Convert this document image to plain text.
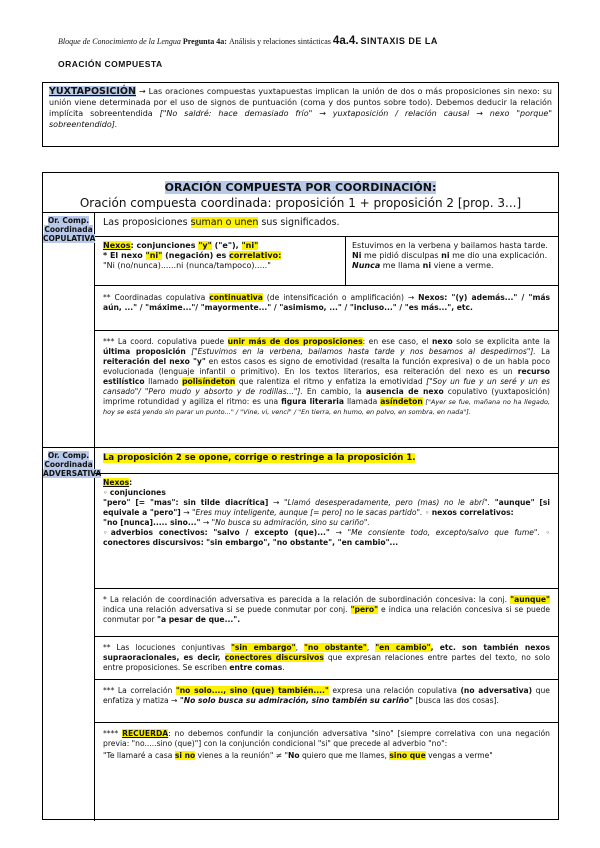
Bloque de Conocimiento de la Lengua Pregunta 4a: Análisis y relaciones sintácticas 4a.4. SINTAXIS DE LA
ORACIÓN COMPUESTA
YUXTAPOSICIÓN → Las oraciones compuestas yuxtapuestas implican la unión de dos o más proposiciones sin nexo: su unión viene determinada por el uso de signos de puntuación (coma y dos puntos sobre todo). Debemos deducir la relación implícita sobreentendida ["No saldré: hace demasiado frío" → yuxtaposición / relación causal → nexo "porque" sobreentendido].
ORACIÓN COMPUESTA POR COORDINACIÓN:
Oración compuesta coordinada: proposición 1 + proposición 2 [prop. 3...]
Or. Comp. Coordinada COPULATIVA
Las proposiciones suman o unen sus significados.
Nexos: conjunciones "y" ("e"), "ni"
* El nexo "ni" (negación) es correlativo:
"Ni (no/nunca)......ni (nunca/tampoco)....."
Estuvimos en la verbena y bailamos hasta tarde. Ni me pidió disculpas ni me dio una explicación. Nunca me llama ni viene a verme.
** Coordinadas copulativa continuativa (de intensificación o amplificación) → Nexos: "(y) además..." / "más aún, ..." / "máxime..."/ "mayormente..." / "asimismo, ..." / "incluso..." / "es más...", etc.
*** La coord. copulativa puede unir más de dos proposiciones: en ese caso, el nexo solo se explicita ante la última proposición ["Estuvimos en la verbena, bailamos hasta tarde y nos besamos al despedirnos"]. La reiteración del nexo "y" en estos casos es signo de emotividad (resalta la función expresiva) o de un habla poco evolucionada (lenguaje infantil o primitivo). En los textos literarios, esa reiteración del nexo es un recurso estilístico llamado polisíndeton que ralentiza el ritmo y enfatiza la emotividad ["Soy un fue y un seré y un es cansado"/ "Pero mudo y absorto y de rodillas..."]. En cambio, la ausencia de nexo copulativo (yuxtaposición) imprime rotundidad y agiliza el ritmo: es una figura literaria llamada asíndeton ["Ayer se fue, mañana no ha llegado, hoy se está yendo sin parar un punto..." / "Vine, vi, vencí" / "En tierra, en humo, en polvo, en sombra, en nada"].
Or. Comp. Coordinada ADVERSATIVA
La proposición 2 se opone, corrige o restringe a la proposición 1.
Nexos:
◦ conjunciones
"pero" [= "mas": sin tilde diacrítica] → "Llamó desesperadamente, pero (mas) no le abrí". "aunque" [si equivale a "pero"] → "Eres muy inteligente, aunque [= pero] no le sacas partido". ◦ nexos correlativos:
"no [nunca]..... sino..." → "No busca su admiración, sino su cariño".
◦adverbios conectivos: "salvo / excepto (que)..." → "Me consiente todo, excepto/salvo que fume". ◦ conectores discursivos: "sin embargo", "no obstante", "en cambio"...
* La relación de coordinación adversativa es parecida a la relación de subordinación concesiva: la conj. "aunque" indica una relación adversativa si se puede conmutar por conj. "pero" e indica una relación concesiva si se puede conmutar por "a pesar de que...".
** Las locuciones conjuntivas "sin embargo", "no obstante", "en cambio", etc. son también nexos supraoracionales, es decir, conectores discursivos que expresan relaciones entre partes del texto, no solo entre proposiciones. Se escriben entre comas.
*** La correlación "no solo...., sino (que) también...." expresa una relación copulativa (no adversativa) que enfatiza y matiza → "No solo busca su admiración, sino también su cariño" [busca las dos cosas].
**** RECUERDA: no debemos confundir la conjunción adversativa "sino" [siempre correlativa con una negación previa: "no.....sino (que)"] con la conjunción condicional "si" que precede al adverbio "no":
"Te llamaré a casa si no vienes a la reunión" ≠ "No quiero que me llames, sino que vengas a verme"
